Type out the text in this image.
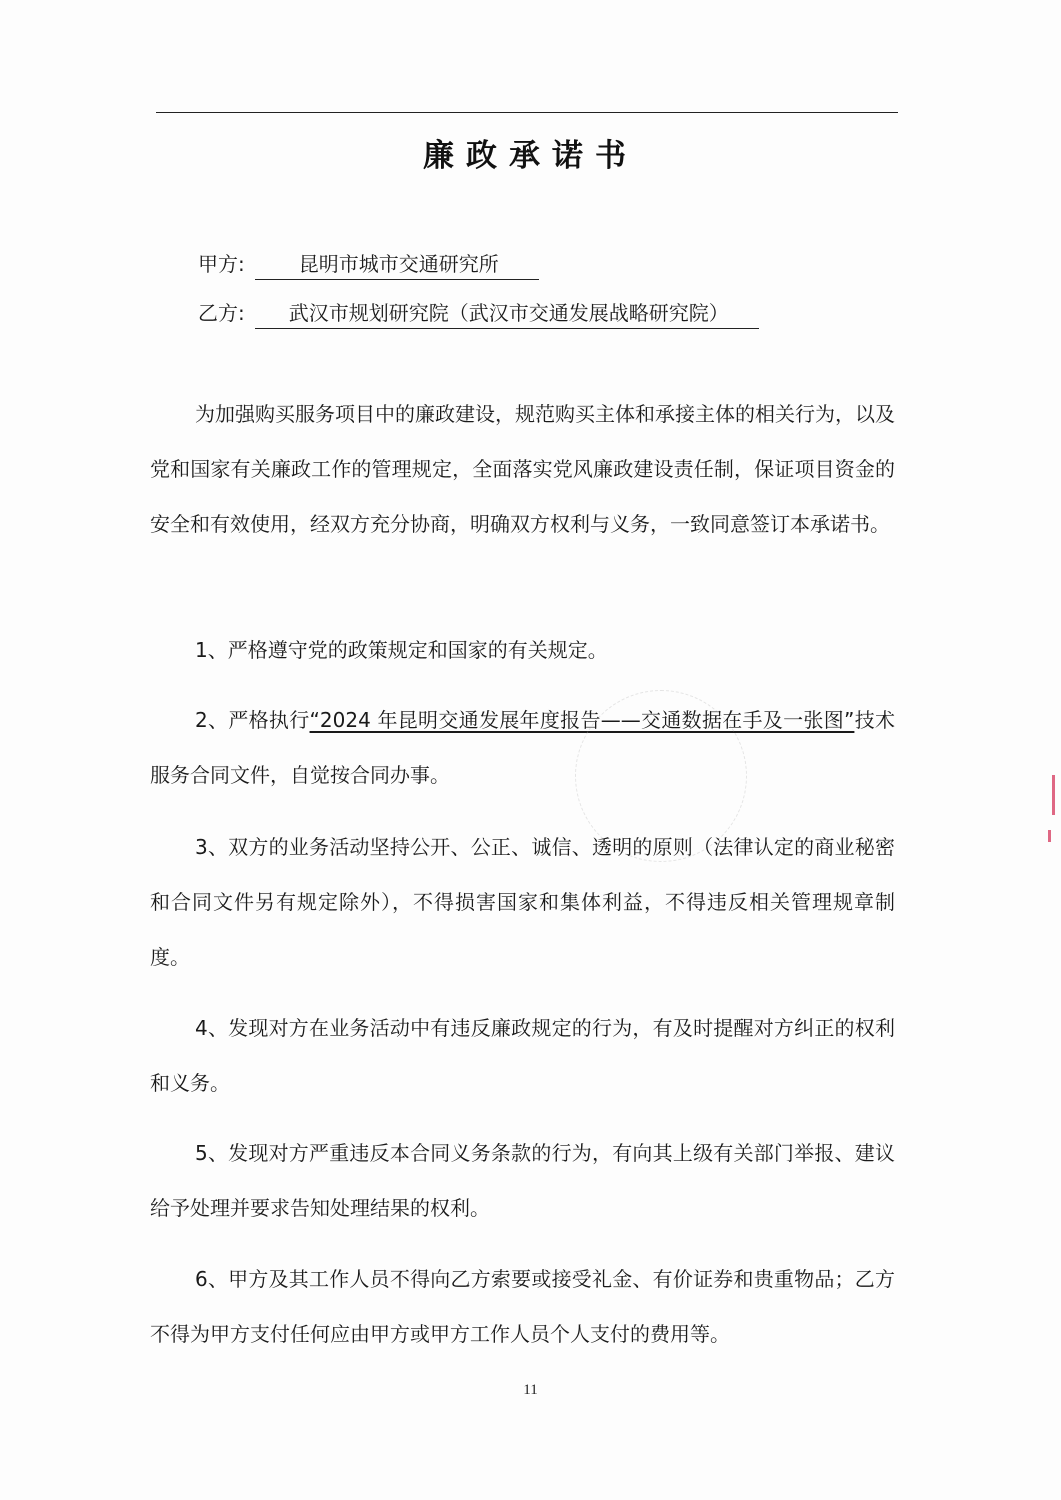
廉政承诺书
甲方:	昆明市城市交通研究所
乙方: 武汉市规划研究院（武汉市交通发展战略研究院）
为加强购买服务项目中的廉政建设，规范购买主体和承接主体的相关行为，以及党和国家有关廉政工作的管理规定，全面落实党风廉政建设责任制，保证项目资金的安全和有效使用，经双方充分协商，明确双方权利与义务，一致同意签订本承诺书。
1、严格遵守党的政策规定和国家的有关规定。
2、严格执行“2024 年昆明交通发展年度报告——交通数据在手及一张图”技术服务合同文件，自觉按合同办事。
3、双方的业务活动坚持公开、公正、诚信、透明的原则（法律认定的商业秘密和合同文件另有规定除外），不得损害国家和集体利益，不得违反相关管理规章制度。
4、发现对方在业务活动中有违反廉政规定的行为，有及时提醒对方纠正的权利和义务。
5、发现对方严重违反本合同义务条款的行为，有向其上级有关部门举报、建议给予处理并要求告知处理结果的权利。
6、甲方及其工作人员不得向乙方索要或接受礼金、有价证券和贵重物品；乙方不得为甲方支付任何应由甲方或甲方工作人员个人支付的费用等。
11
